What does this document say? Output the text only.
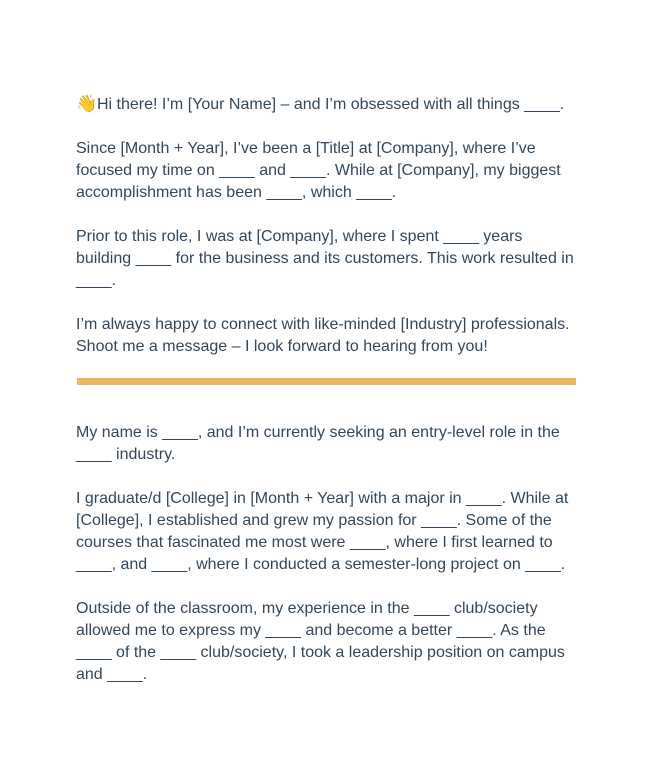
👋Hi there! I’m [Your Name] – and I’m obsessed with all things ____.

Since [Month + Year], I’ve been a [Title] at [Company], where I’ve focused my time on ____ and ____. While at [Company], my biggest accomplishment has been ____, which ____.

Prior to this role, I was at [Company], where I spent ____ years building ____ for the business and its customers. This work resulted in ____.

I’m always happy to connect with like-minded [Industry] professionals. Shoot me a message – I look forward to hearing from you!

My name is ____, and I’m currently seeking an entry-level role in the ____ industry.

I graduate/d [College] in [Month + Year] with a major in ____. While at [College], I established and grew my passion for ____. Some of the courses that fascinated me most were ____, where I first learned to ____, and ____, where I conducted a semester-long project on ____.

Outside of the classroom, my experience in the ____ club/society allowed me to express my ____ and become a better ____. As the ____ of the ____ club/society, I took a leadership position on campus and ____.
